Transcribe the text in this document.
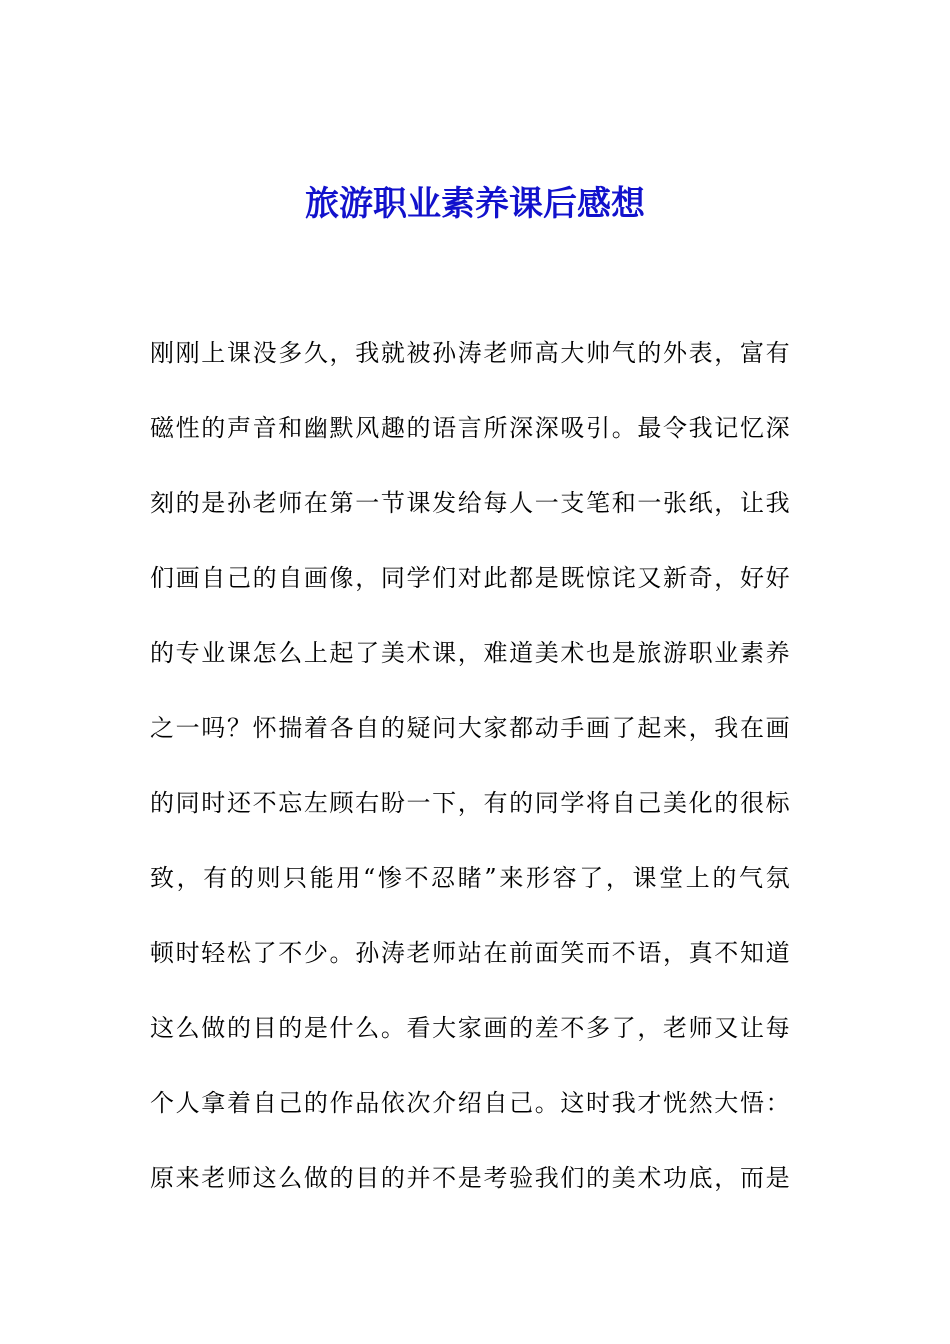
旅游职业素养课后感想
刚刚上课没多久，我就被孙涛老师高大帅气的外表，富有
磁性的声音和幽默风趣的语言所深深吸引。最令我记忆深
刻的是孙老师在第一节课发给每人一支笔和一张纸，让我
们画自己的自画像，同学们对此都是既惊诧又新奇，好好
的专业课怎么上起了美术课，难道美术也是旅游职业素养
之一吗？怀揣着各自的疑问大家都动手画了起来，我在画
的同时还不忘左顾右盼一下，有的同学将自己美化的很标
致，有的则只能用“惨不忍睹”来形容了，课堂上的气氛
顿时轻松了不少。孙涛老师站在前面笑而不语，真不知道
这么做的目的是什么。看大家画的差不多了，老师又让每
个人拿着自己的作品依次介绍自己。这时我才恍然大悟：
原来老师这么做的目的并不是考验我们的美术功底，而是
